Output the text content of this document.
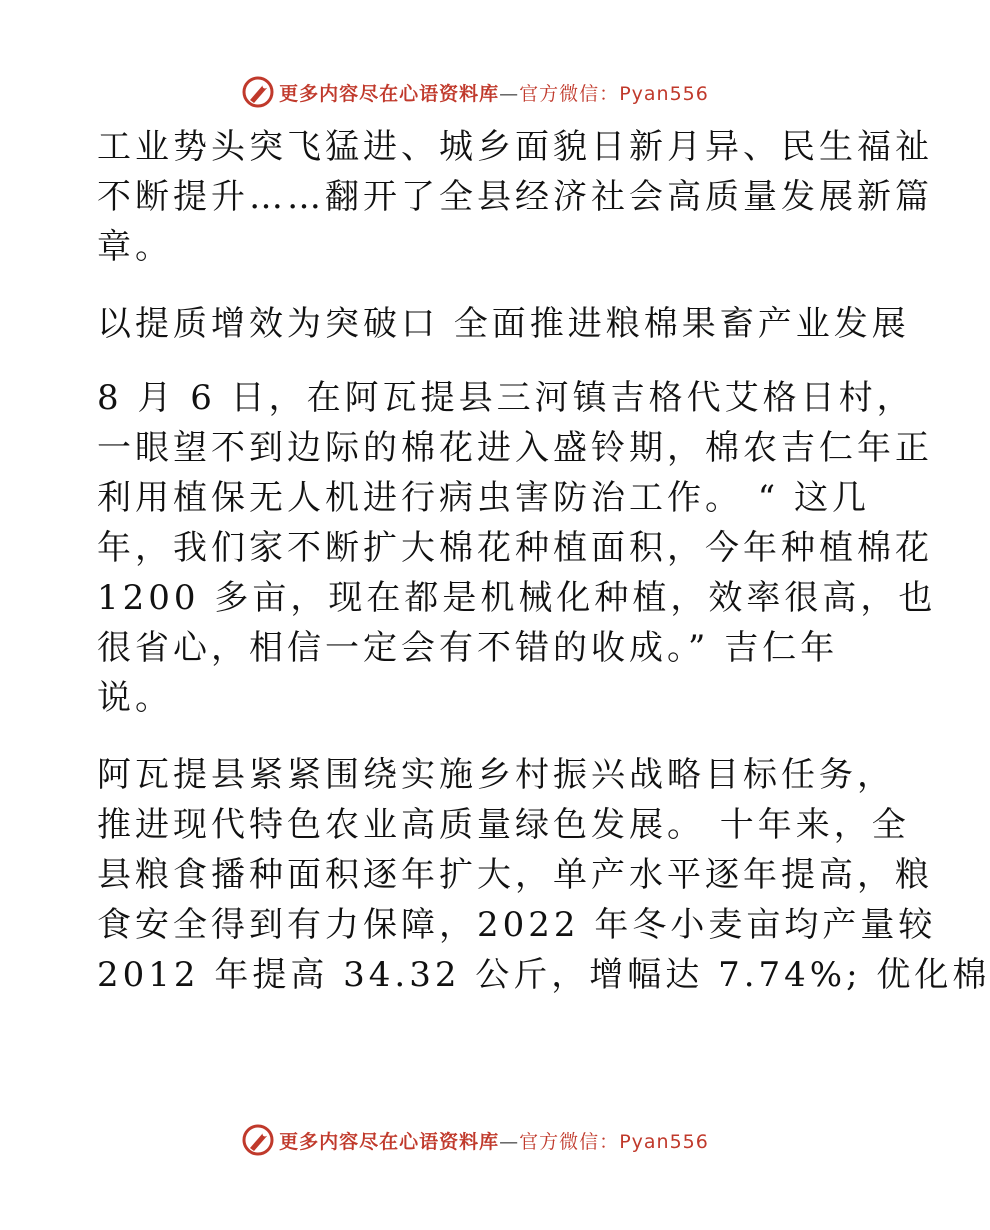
更多内容尽在心语资料库—官方微信：Pyan556
工业势头突飞猛进、城乡面貌日新月异、民生福祉
不断提升……翻开了全县经济社会高质量发展新篇
章。
以提质增效为突破口 全面推进粮棉果畜产业发展
8 月 6 日，在阿瓦提县三河镇吉格代艾格日村，
一眼望不到边际的棉花进入盛铃期，棉农吉仁年正
利用植保无人机进行病虫害防治工作。 “ 这几
年，我们家不断扩大棉花种植面积，今年种植棉花
1200 多亩，现在都是机械化种植，效率很高，也
很省心，相信一定会有不错的收成。” 吉仁年
说。
阿瓦提县紧紧围绕实施乡村振兴战略目标任务，
推进现代特色农业高质量绿色发展。 十年来，全
县粮食播种面积逐年扩大，单产水平逐年提高，粮
食安全得到有力保障，2022 年冬小麦亩均产量较
2012 年提高 34.32 公斤，增幅达 7.74%; 优化棉
更多内容尽在心语资料库—官方微信：Pyan556
